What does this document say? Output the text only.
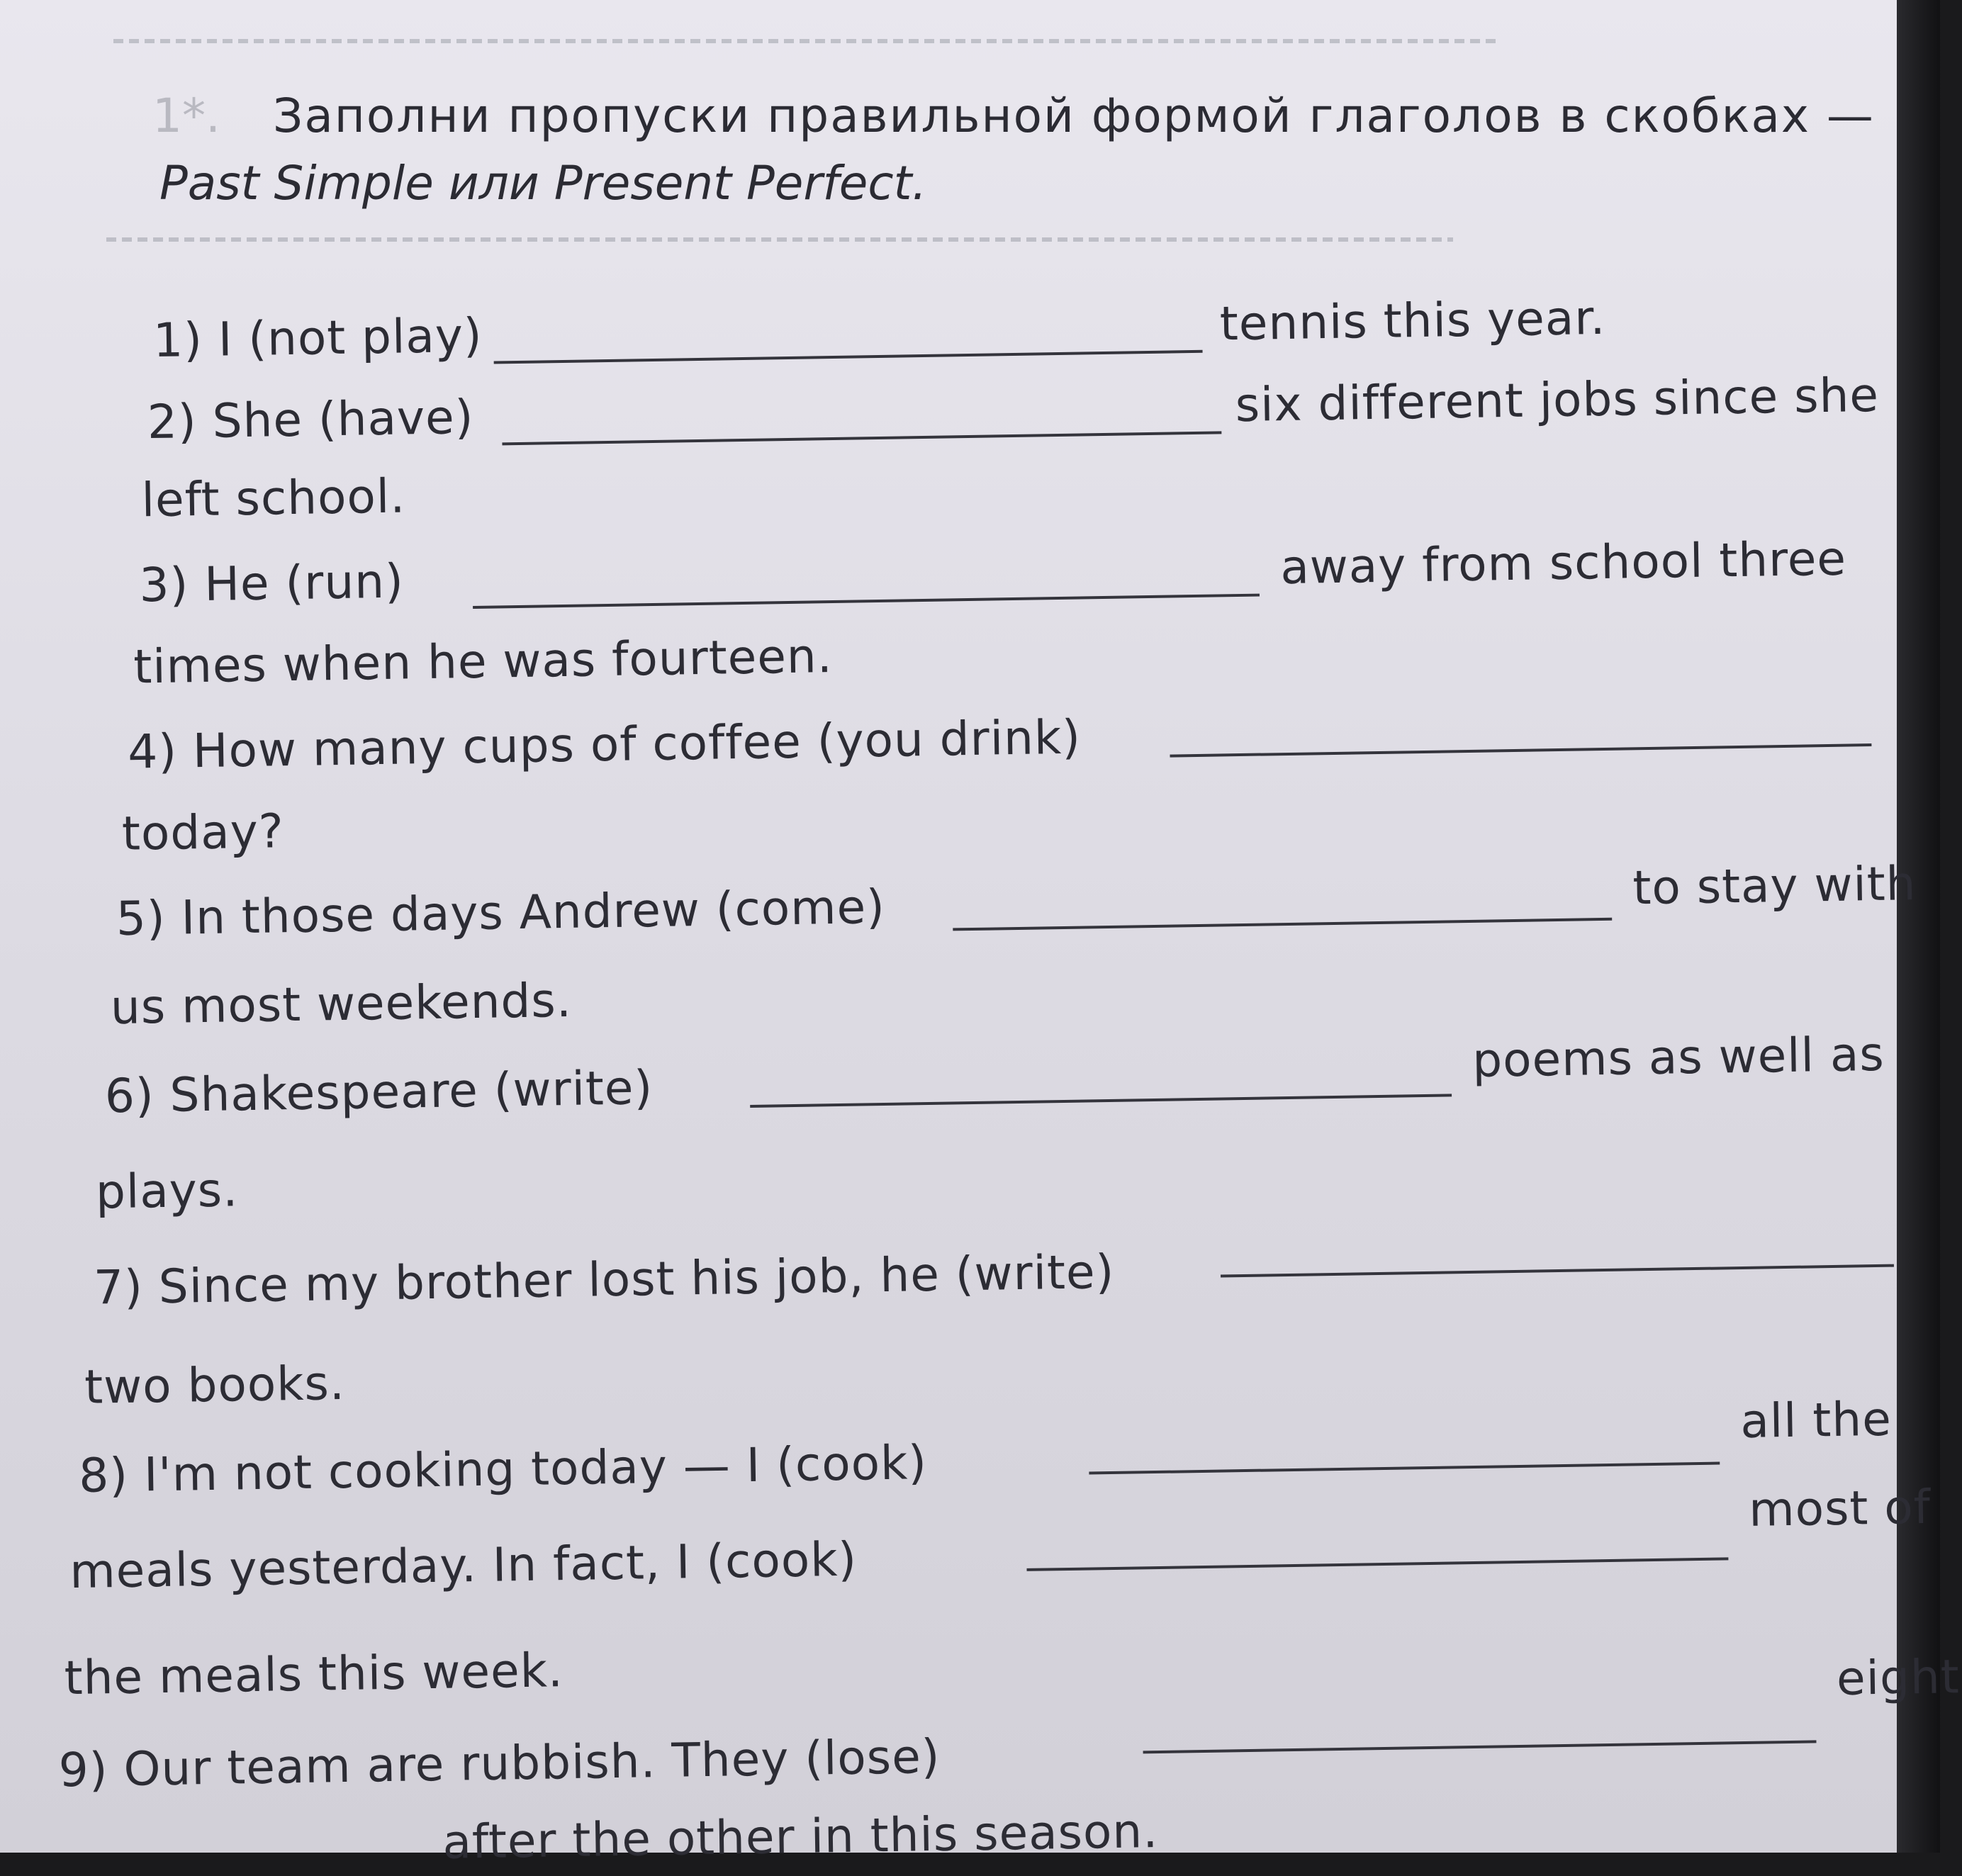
1*. Заполни пропуски правильной формой глаголов в скобках —
Past Simple или Present Perfect.
1) I (not play)	tennis this year.
2) She (have)	six different jobs since she
left school.
3) He (run)	away from school three
times when he was fourteen.
4) How many cups of coffee (you drink)
today?
5) In those days Andrew (come)	to stay with
us most weekends.
6) Shakespeare (write)
poems as well as
plays.
7) Since my brother lost his job, he (write)
two books.
8) I'm not cooking today — I (cook)
all the
meals yesterday. In fact, I (cook)
most of
the meals this week.
9) Our team are rubbish. They (lose)
eight
after the other in this season.
